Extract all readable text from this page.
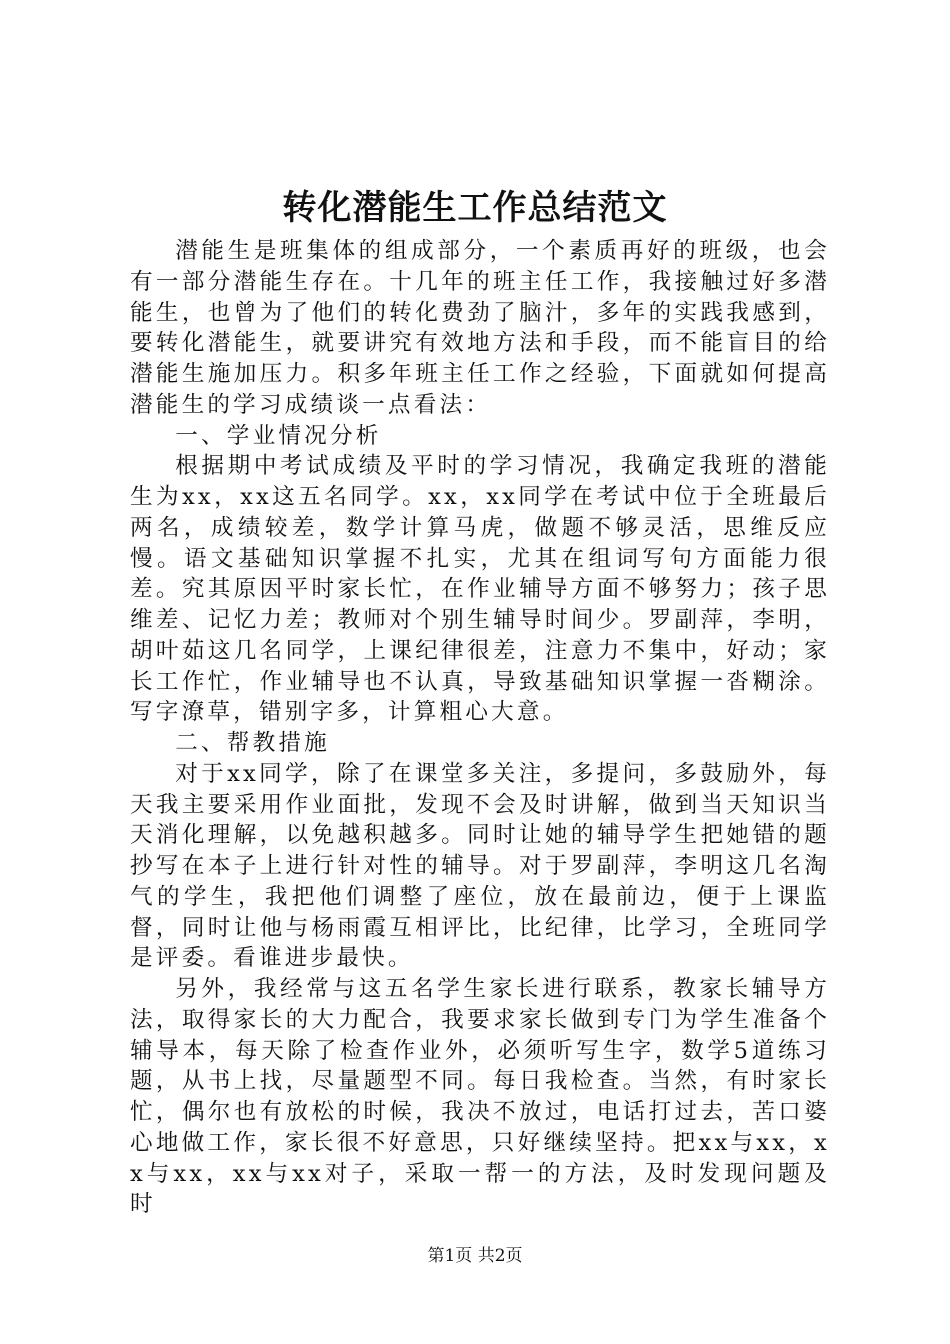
转化潜能生工作总结范文

潜能生是班集体的组成部分，一个素质再好的班级，也会有一部分潜能生存在。十几年的班主任工作，我接触过好多潜能生，也曾为了他们的转化费劲了脑汁，多年的实践我感到，要转化潜能生，就要讲究有效地方法和手段，而不能盲目的给潜能生施加压力。积多年班主任工作之经验，下面就如何提高潜能生的学习成绩谈一点看法：

一、学业情况分析

根据期中考试成绩及平时的学习情况，我确定我班的潜能生为xx，xx这五名同学。xx，xx同学在考试中位于全班最后两名，成绩较差，数学计算马虎，做题不够灵活，思维反应慢。语文基础知识掌握不扎实，尤其在组词写句方面能力很差。究其原因平时家长忙，在作业辅导方面不够努力；孩子思维差、记忆力差；教师对个别生辅导时间少。罗副萍，李明，胡叶茹这几名同学，上课纪律很差，注意力不集中，好动；家长工作忙，作业辅导也不认真，导致基础知识掌握一沓糊涂。写字潦草，错别字多，计算粗心大意。

二、帮教措施

对于xx同学，除了在课堂多关注，多提问，多鼓励外，每天我主要采用作业面批，发现不会及时讲解，做到当天知识当天消化理解，以免越积越多。同时让她的辅导学生把她错的题抄写在本子上进行针对性的辅导。对于罗副萍，李明这几名淘气的学生，我把他们调整了座位，放在最前边，便于上课监督，同时让他与杨雨霞互相评比，比纪律，比学习，全班同学是评委。看谁进步最快。

另外，我经常与这五名学生家长进行联系，教家长辅导方法，取得家长的大力配合，我要求家长做到专门为学生准备个辅导本，每天除了检查作业外，必须听写生字，数学5道练习题，从书上找，尽量题型不同。每日我检查。当然，有时家长忙，偶尔也有放松的时候，我决不放过，电话打过去，苦口婆心地做工作，家长很不好意思，只好继续坚持。把xx与xx，xx与xx，xx与xx对子，采取一帮一的方法，及时发现问题及时

第1页 共2页
